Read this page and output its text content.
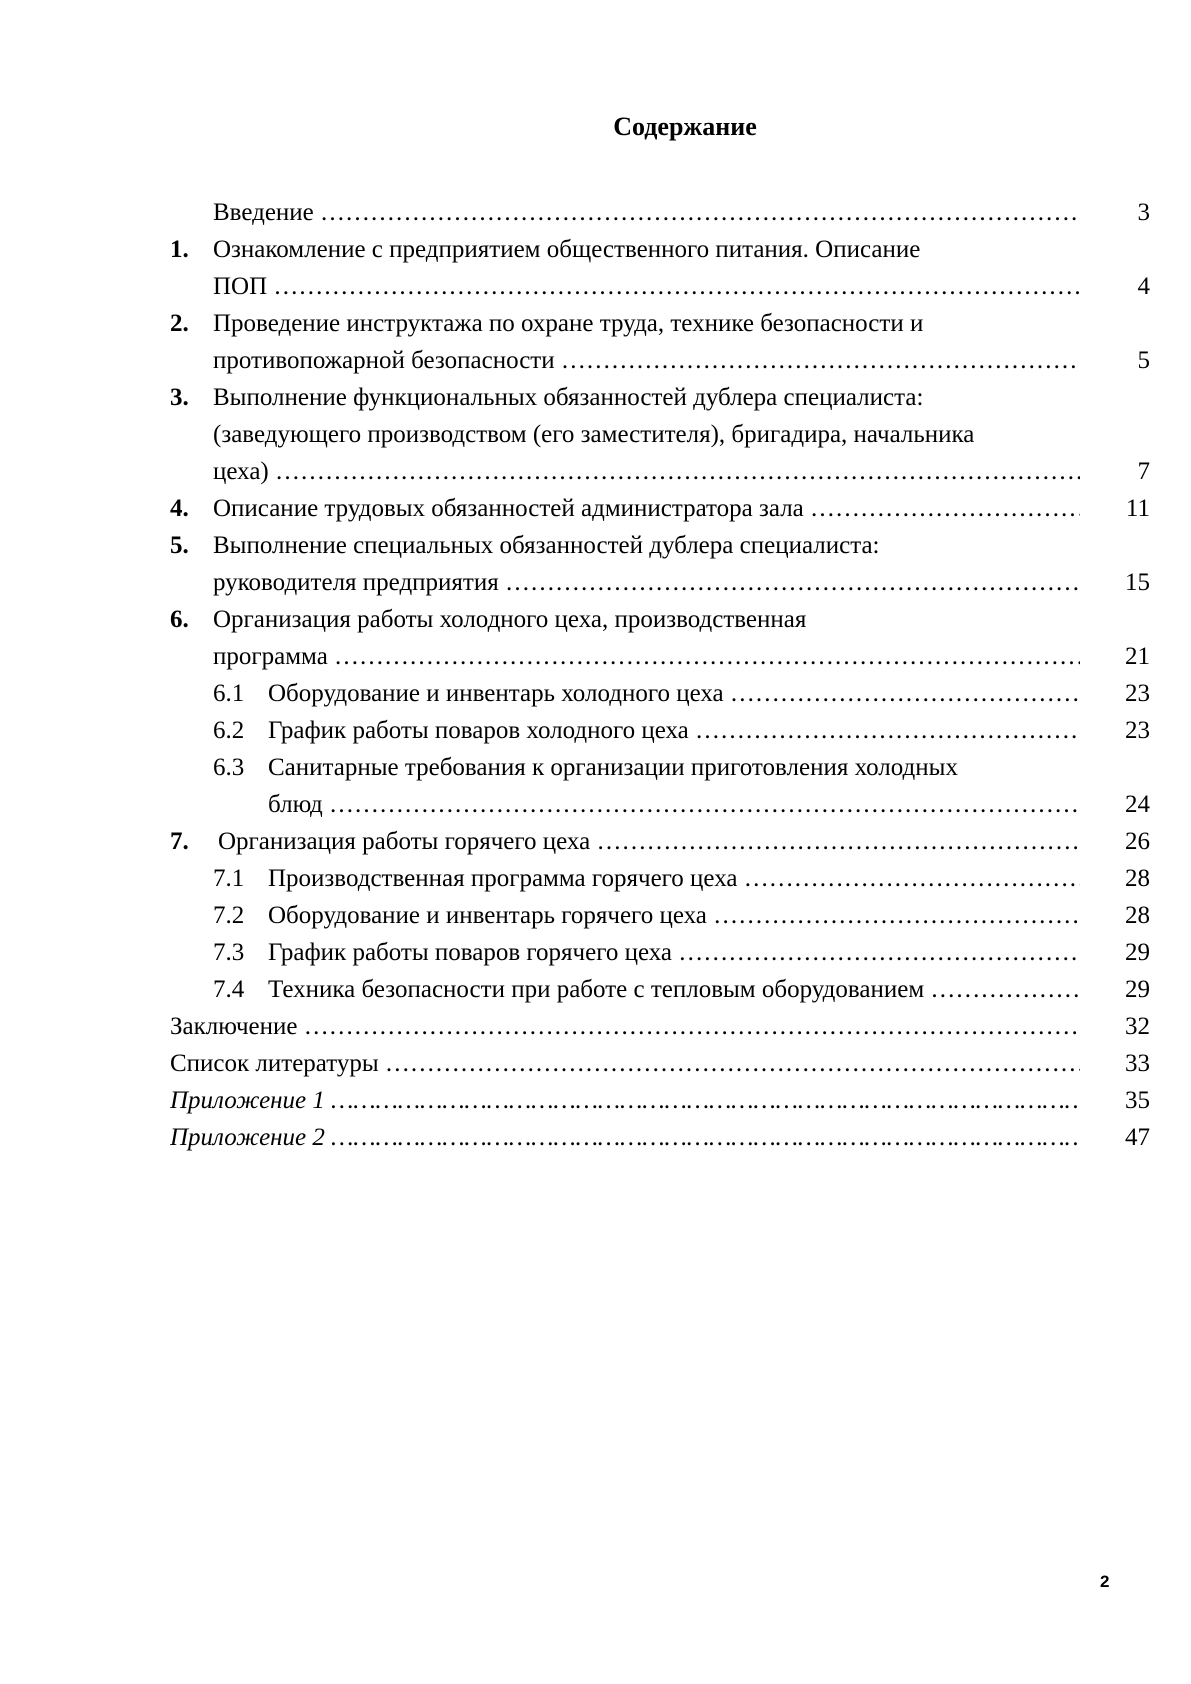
Содержание
Введение ……………………………………………………………………………………………………………………………………………………	3
1. Ознакомление с предприятием общественного питания. Описание
ПОП ……………………………………………………………………………………………………………………………………………………	4
2. Проведение инструктажа по охране труда, технике безопасности и
противопожарной безопасности ……………………………………………………………………………………………………………………………………………………	5
3. Выполнение функциональных обязанностей дублера специалиста:
(заведующего производством (его заместителя), бригадира, начальника
цеха) ……………………………………………………………………………………………………………………………………………………	7
4. Описание трудовых обязанностей администратора зала ……………………………………………………………………………………………………………………………………………………	11
5. Выполнение специальных обязанностей дублера специалиста:
руководителя предприятия ……………………………………………………………………………………………………………………………………………………	15
6. Организация работы холодного цеха, производственная
программа ……………………………………………………………………………………………………………………………………………………	21
6.1 Оборудование и инвентарь холодного цеха ……………………………………………………………………………………………………………………………………………………	23
6.2 График работы поваров холодного цеха ……………………………………………………………………………………………………………………………………………………	23
6.3 Санитарные требования к организации приготовления холодных
блюд ……………………………………………………………………………………………………………………………………………………	24
7. Организация работы горячего цеха ……………………………………………………………………………………………………………………………………………………	26
7.1 Производственная программа горячего цеха ……………………………………………………………………………………………………………………………………………………	28
7.2 Оборудование и инвентарь горячего цеха ……………………………………………………………………………………………………………………………………………………	28
7.3 График работы поваров горячего цеха ……………………………………………………………………………………………………………………………………………………	29
7.4 Техника безопасности при работе с тепловым оборудованием ……………………………………………………………………………………………………………………………………………………	29
Заключение ……………………………………………………………………………………………………………………………………………………	32
Список литературы ……………………………………………………………………………………………………………………………………………………	33
Приложение 1 ……………………………………………………………………………………………………………………………………………………	35
Приложение 2 ……………………………………………………………………………………………………………………………………………………	47
2
